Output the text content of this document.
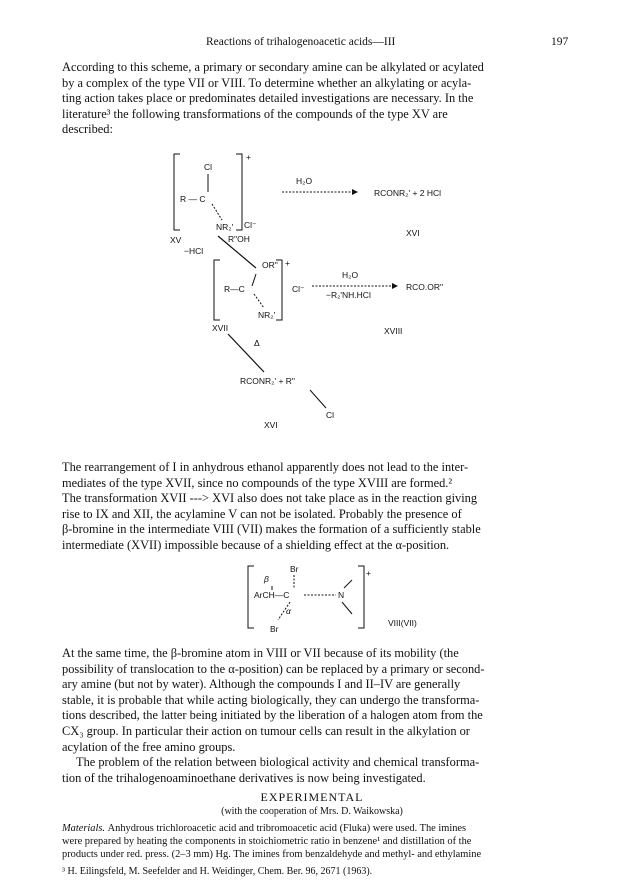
Reactions of trihalogenoacetic acids—III	197
According to this scheme, a primary or secondary amine can be alkylated or acylated
by a complex of the type VII or VIII. To determine whether an alkylating or acyla-
ting action takes place or predominates detailed investigations are necessary. In the
literature³ the following transformations of the compounds of the type XV are
described:
Cl
+
R — C
NR₂' Cl⁻
XV
H₂O
RCONR₂' + 2 HCl
XVI
R"OH
−HCl
OR" +
R—C
NR₂'
XVII
Cl⁻
H₂O
−R₂'NH.HCl
RCO.OR"
XVIII
Δ
RCONR₂' + R"
Cl
XVI
The rearrangement of I in anhydrous ethanol apparently does not lead to the inter-
mediates of the type XVII, since no compounds of the type XVIII are formed.²
The transformation XVII ---> XVI also does not take place as in the reaction giving
rise to IX and XII, the acylamine V can not be isolated. Probably the presence of
β-bromine in the intermediate VIII (VII) makes the formation of a sufficiently stable
intermediate (XVII) impossible because of a shielding effect at the α-position.
+
Br
β
ArCH—C	N
α
Br
VIII(VII)
At the same time, the β-bromine atom in VIII or VII because of its mobility (the
possibility of translocation to the α-position) can be replaced by a primary or second-
ary amine (but not by water). Although the compounds I and II–IV are generally
stable, it is probable that while acting biologically, they can undergo the transforma-
tions described, the latter being initiated by the liberation of a halogen atom from the
CX₃ group. In particular their action on tumour cells can result in the alkylation or
acylation of the free amino groups.
The problem of the relation between biological activity and chemical transforma-
tion of the trihalogenoaminoethane derivatives is now being investigated.
EXPERIMENTAL
(with the cooperation of Mrs. D. Waikowska)
Materials. Anhydrous trichloroacetic acid and tribromoacetic acid (Fluka) were used. The imines
were prepared by heating the components in stoichiometric ratio in benzene¹ and distillation of the
products under red. press. (2–3 mm) Hg. The imines from benzaldehyde and methyl- and ethylamine
³ H. Eilingsfeld, M. Seefelder and H. Weidinger, Chem. Ber. 96, 2671 (1963).
